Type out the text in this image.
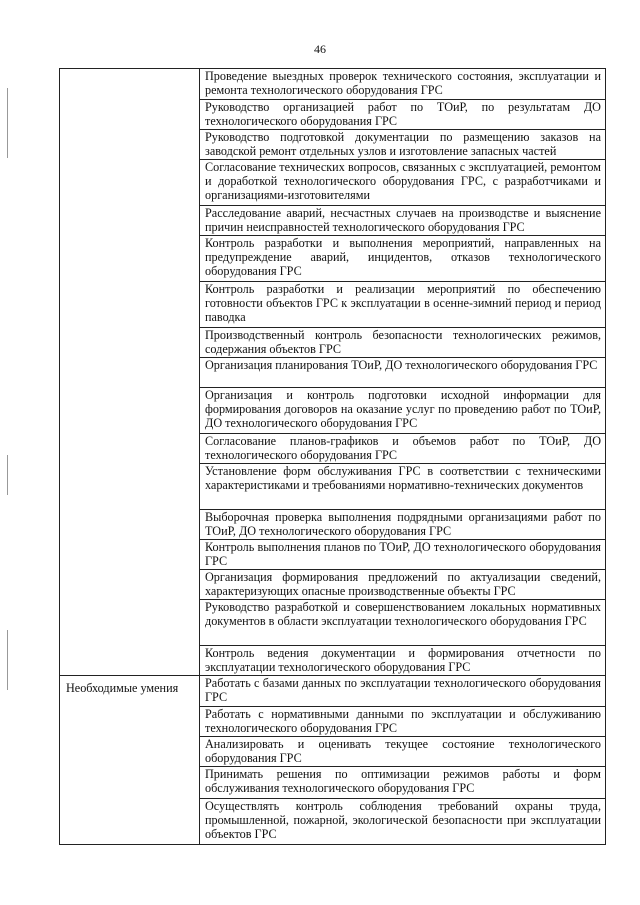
46
Проведение выездных проверок технического состояния, эксплуатации и ремонта технологического оборудования ГРС
Руководство организацией работ по ТОиР, по результатам ДО технологического оборудования ГРС
Руководство подготовкой документации по размещению заказов на заводской ремонт отдельных узлов и изготовление запасных частей
Согласование технических вопросов, связанных с эксплуатацией, ремонтом и доработкой технологического оборудования ГРС, с разработчиками и организациями-изготовителями
Расследование аварий, несчастных случаев на производстве и выяснение причин неисправностей технологического оборудования ГРС
Контроль разработки и выполнения мероприятий, направленных на предупреждение аварий, инцидентов, отказов технологического оборудования ГРС
Контроль разработки и реализации мероприятий по обеспечению готовности объектов ГРС к эксплуатации в осенне-зимний период и период паводка
Производственный контроль безопасности технологических режимов, содержания объектов ГРС
Организация планирования ТОиР, ДО технологического оборудования ГРС
Организация и контроль подготовки исходной информации для формирования договоров на оказание услуг по проведению работ по ТОиР, ДО технологического оборудования ГРС
Согласование планов-графиков и объемов работ по ТОиР, ДО технологического оборудования ГРС
Установление форм обслуживания ГРС в соответствии с техническими характеристиками и требованиями нормативно-технических документов
Выборочная проверка выполнения подрядными организациями работ по ТОиР, ДО технологического оборудования ГРС
Контроль выполнения планов по ТОиР, ДО технологического оборудования ГРС
Организация формирования предложений по актуализации сведений, характеризующих опасные производственные объекты ГРС
Руководство разработкой и совершенствованием локальных нормативных документов в области эксплуатации технологического оборудования ГРС
Контроль ведения документации и формирования отчетности по эксплуатации технологического оборудования ГРС
Необходимые умения	Работать с базами данных по эксплуатации технологического оборудования ГРС
Работать с нормативными данными по эксплуатации и обслуживанию технологического оборудования ГРС
Анализировать и оценивать текущее состояние технологического оборудования ГРС
Принимать решения по оптимизации режимов работы и форм обслуживания технологического оборудования ГРС
Осуществлять контроль соблюдения требований охраны труда, промышленной, пожарной, экологической безопасности при эксплуатации объектов ГРС
